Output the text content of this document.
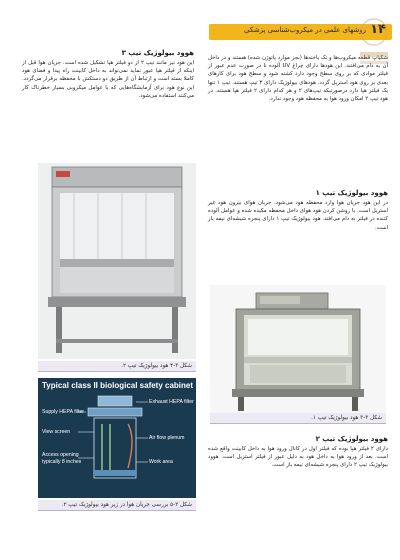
۱۴
روشهای علمی در میکروب‌شناسی پزشکی

شکیاپ قطعه میکروب‌ها و تک یاخته‌ها (بجز موارد پاتوژن شده) هستند و در داخل آن به دام می‌افتند. این هودها دارای چراغ UV آلوده نا در صورت عدم عبور از فیلتر موادی که بر روی سطح وجود دارد کشته شود و سطح هود برای کارهای بعدی بر روی هود استریل گردد. هودهای بیولوژیک دارای ۳ تیپ هستند. تیپ ۱ تنها یک فیلتر هپا دارد درصورتیکه تیپ‌های ۲ و هر کدام دارای ۲ فیلتر هپا هستند. در هود تیپ ۲ امکان ورود هوا به محفظه هود وجود ندارد.

هوود بیولوژیک تیپ ۱

در این هود جریان هوا وارد محفظه هود می‌شود. جریان هوای بیرون هود غیر استریل است. با روشن کردن هود هوای داخل محفظه مکیده شده و عوامل آلوده کننده در فیلتر به دام می‌افتد. هود بیولوژیک تیپ ۱ دارای پنجره شیشه‌ای نیمه باز است.

شکل ۳-۳ هود بیولوژیک تیپ ۱.
هوود بیولوژیک تیپ ۲

دارای ۲ فیلتر هپا بوده که فیلتر اول در کانال ورود هوا به داخل کابینت واقع شده است. بعد از ورود هوا به داخل هود به دلیل عبور از فیلتر استریل است. هوود بیولوژیک تیپ ۲ دارای پنجره شیشه‌ای نیمه باز است.

هوود بیولوژیک تیپ ۳

این هود نیز مانند تیپ ۲ از دو فیلتر هپا تشکیل شده است. جریان هوا قبل از اینکه از فیلتر هپا عبور نماید نمی‌تواند به داخل کابینت راه پیدا و فضای هود کاملا بسته است و ارتباط آن از طریق دو دستکش با محفظه برقرار می‌گردد. این نوع هود برای آزمایشگاه‌هایی که با عوامل میکروبی بسیار خطرناک کار می‌کنند استفاده می‌شود.

شکل ۳-۴ هود بیولوژیک تیپ ۲.
Typical class II biological safety cabinet
Exhaust HEPA filter
Supply HEPA filter
View screen
Air flow plenum
Access opening
typically 8 inches	Work area
شکل ۳-۵ بررسی جریان هوا در زیر هود بیولوژیک تیپ ۲.
